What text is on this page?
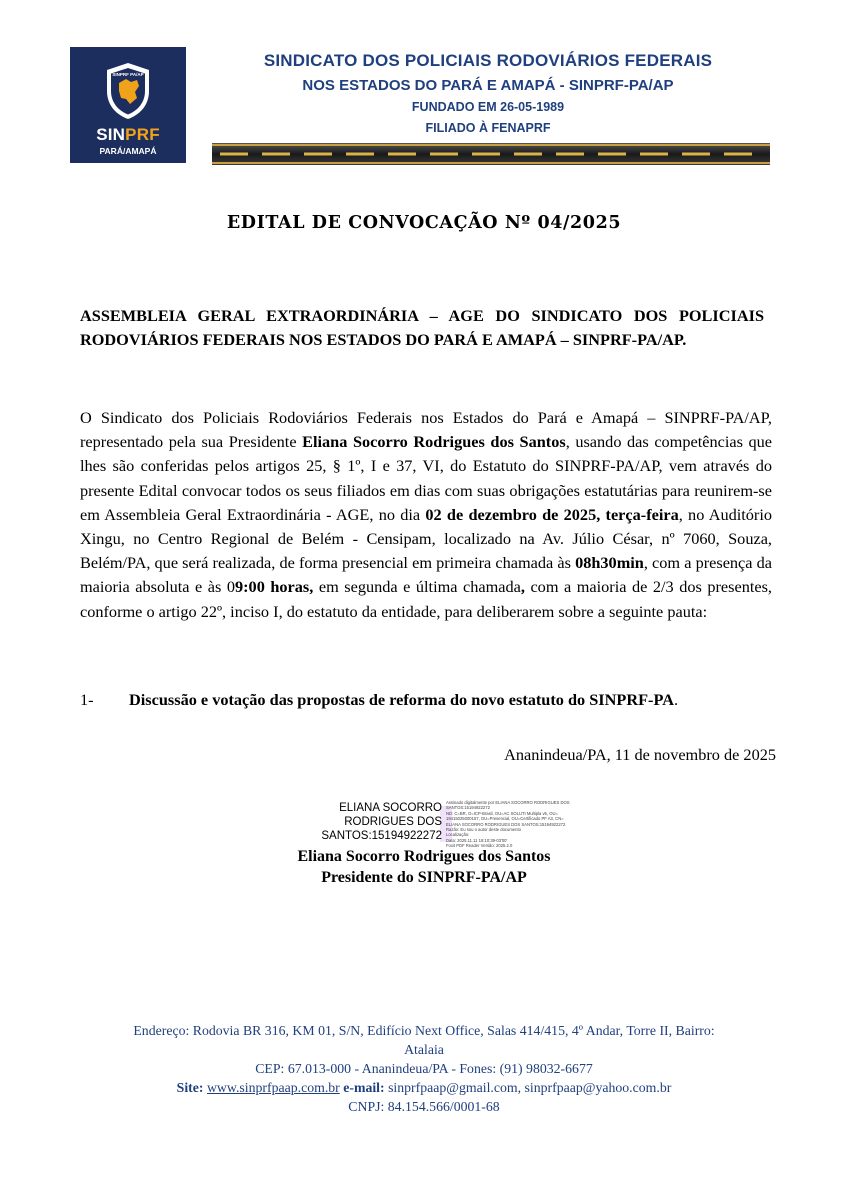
SINPRF PA/AP
SINPRF
PARÁ/AMAPÁ
SINDICATO DOS POLICIAIS RODOVIÁRIOS FEDERAIS
NOS ESTADOS DO PARÁ E AMAPÁ - SINPRF-PA/AP
FUNDADO EM 26-05-1989
FILIADO À FENAPRF
EDITAL DE CONVOCAÇÃO Nº 04/2025
ASSEMBLEIA GERAL EXTRAORDINÁRIA – AGE DO SINDICATO DOS POLICIAIS RODOVIÁRIOS FEDERAIS NOS ESTADOS DO PARÁ E AMAPÁ – SINPRF-PA/AP.
O Sindicato dos Policiais Rodoviários Federais nos Estados do Pará e Amapá – SINPRF-PA/AP, representado pela sua Presidente Eliana Socorro Rodrigues dos Santos, usando das competências que lhes são conferidas pelos artigos 25, § 1º, I e 37, VI, do Estatuto do SINPRF-PA/AP, vem através do presente Edital convocar todos os seus filiados em dias com suas obrigações estatutárias para reunirem-se em Assembleia Geral Extraordinária - AGE, no dia 02 de dezembro de 2025, terça-feira, no Auditório Xingu, no Centro Regional de Belém - Censipam, localizado na Av. Júlio César, nº 7060, Souza, Belém/PA, que será realizada, de forma presencial em primeira chamada às 08h30min, com a presença da maioria absoluta e às 09:00 horas, em segunda e última chamada, com a maioria de 2/3 dos presentes, conforme o artigo 22º, inciso I, do estatuto da entidade, para deliberarem sobre a seguinte pauta:
1- Discussão e votação das propostas de reforma do novo estatuto do SINPRF-PA.
Ananindeua/PA, 11 de novembro de 2025
ELIANA SOCORRO
RODRIGUES DOS
SANTOS:15194922272
Assinado digitalmente por ELIANA SOCORRO RODRIGUES DOS
SANTOS:15194922272
ND: C=BR, O=ICP-Brasil, OU=AC SOLUTI Multipla v5, OU=
19415025000157, OU=Presencial, OU=Certificado PF A3, CN=
ELIANA SOCORRO RODRIGUES DOS SANTOS:15194922272
Razão: Eu sou o autor deste documento
Localização:
Data: 2025.11.11 18:10:39-03'00'
Foxit PDF Reader Versão: 2025.2.0
Eliana Socorro Rodrigues dos Santos
Presidente do SINPRF-PA/AP
Endereço: Rodovia BR 316, KM 01, S/N, Edifício Next Office, Salas 414/415, 4º Andar, Torre II, Bairro:
Atalaia
CEP: 67.013-000 - Ananindeua/PA - Fones: (91) 98032-6677
Site: www.sinprfpaap.com.br e-mail: sinprfpaap@gmail.com, sinprfpaap@yahoo.com.br
CNPJ: 84.154.566/0001-68
